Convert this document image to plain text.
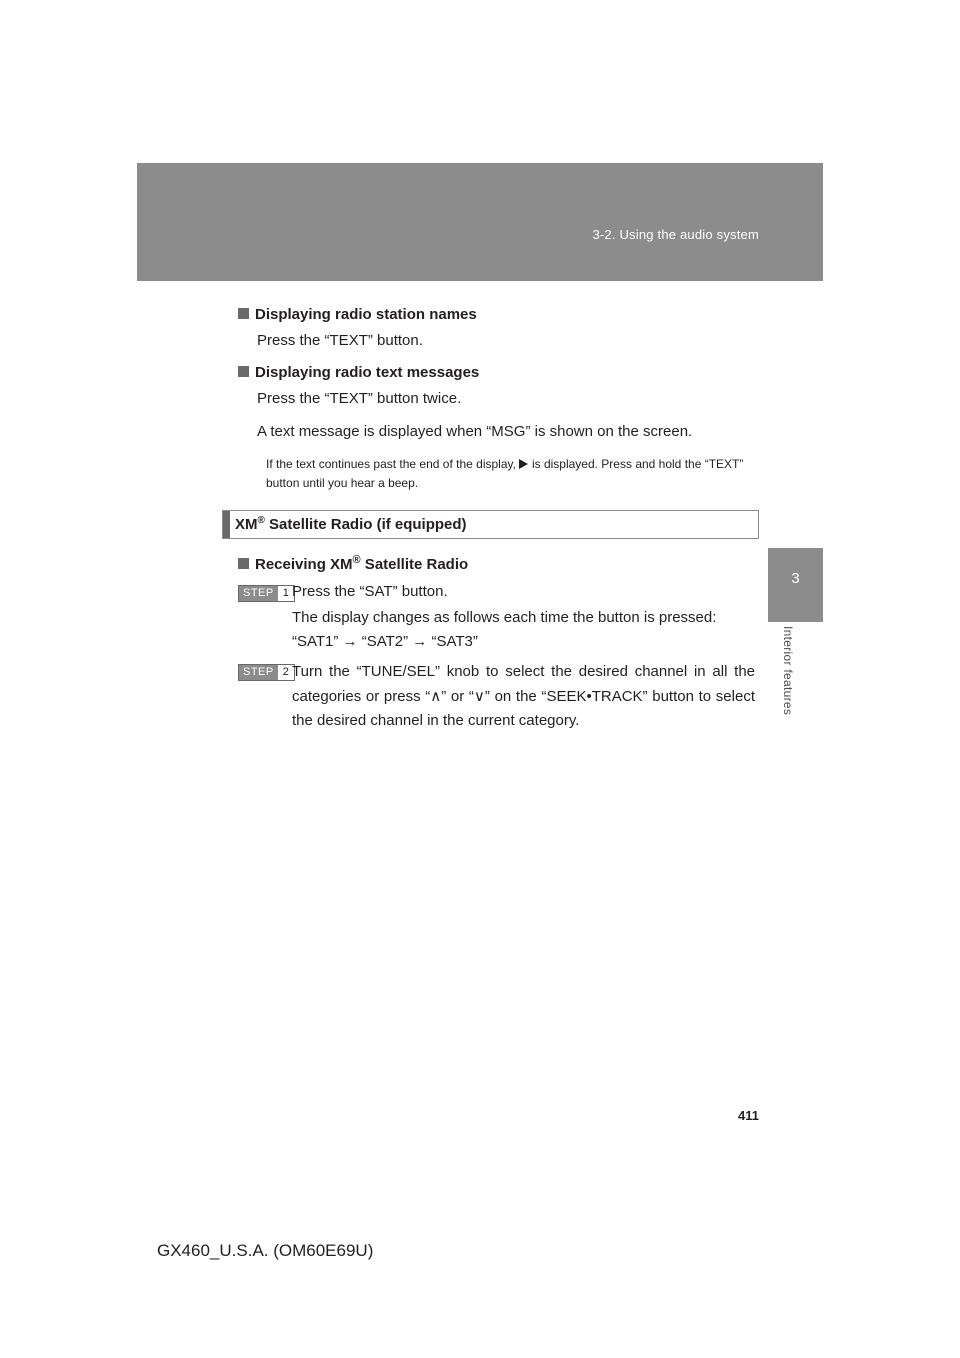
3-2. Using the audio system
3
Interior features
Displaying radio station names
Press the “TEXT” button.
Displaying radio text messages
Press the “TEXT” button twice.
A text message is displayed when “MSG” is shown on the screen.
If the text continues past the end of the display, is displayed. Press and hold the “TEXT” button until you hear a beep.
XM® Satellite Radio (if equipped)
Receiving XM® Satellite Radio
STEP 1 Press the “SAT” button.
The display changes as follows each time the button is pressed:
“SAT1” → “SAT2” → “SAT3”
STEP 2 Turn the “TUNE/SEL” knob to select the desired channel in all the categories or press “∧” or “∨” on the “SEEK•TRACK” button to select the desired channel in the current category.
411
GX460_U.S.A. (OM60E69U)
